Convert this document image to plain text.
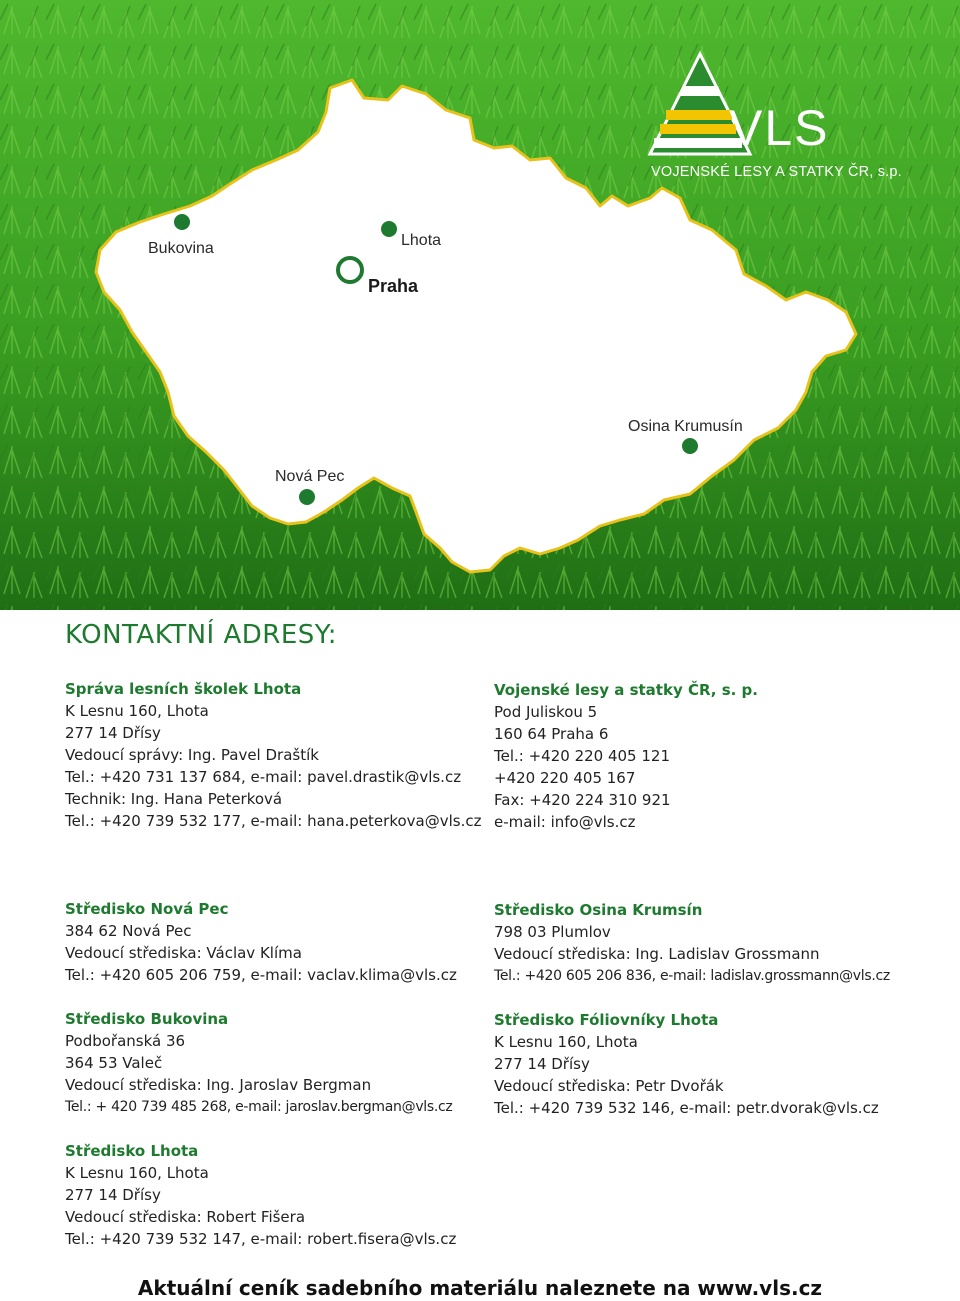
VLS
VOJENSKÉ LESY A STATKY ČR, s.p.
Bukovina	Lhota
Praha
Osina Krumusín
Nová Pec
KONTAKTNÍ ADRESY:
Správa lesních školek Lhota
K Lesnu 160, Lhota
277 14 Dřísy
Vedoucí správy: Ing. Pavel Draštík
Tel.: +420 731 137 684, e-mail: pavel.drastik@vls.cz
Technik: Ing. Hana Peterková
Tel.: +420 739 532 177, e-mail: hana.peterkova@vls.cz
Vojenské lesy a statky ČR, s. p.
Pod Juliskou 5
160 64 Praha 6
Tel.: +420 220 405 121
+420 220 405 167
Fax: +420 224 310 921
e-mail: info@vls.cz
Středisko Nová Pec
384 62 Nová Pec
Vedoucí střediska: Václav Klíma
Tel.: +420 605 206 759, e-mail: vaclav.klima@vls.cz
Středisko Osina Krumsín
798 03 Plumlov
Vedoucí střediska: Ing. Ladislav Grossmann
Tel.: +420 605 206 836, e-mail: ladislav.grossmann@vls.cz
Středisko Bukovina
Podbořanská 36
364 53 Valeč
Vedoucí střediska: Ing. Jaroslav Bergman
Tel.: + 420 739 485 268, e-mail: jaroslav.bergman@vls.cz
Středisko Fóliovníky Lhota
K Lesnu 160, Lhota
277 14 Dřísy
Vedoucí střediska: Petr Dvořák
Tel.: +420 739 532 146, e-mail: petr.dvorak@vls.cz
Středisko Lhota
K Lesnu 160, Lhota
277 14 Dřísy
Vedoucí střediska: Robert Fišera
Tel.: +420 739 532 147, e-mail: robert.fisera@vls.cz
Aktuální ceník sadebního materiálu naleznete na www.vls.cz
